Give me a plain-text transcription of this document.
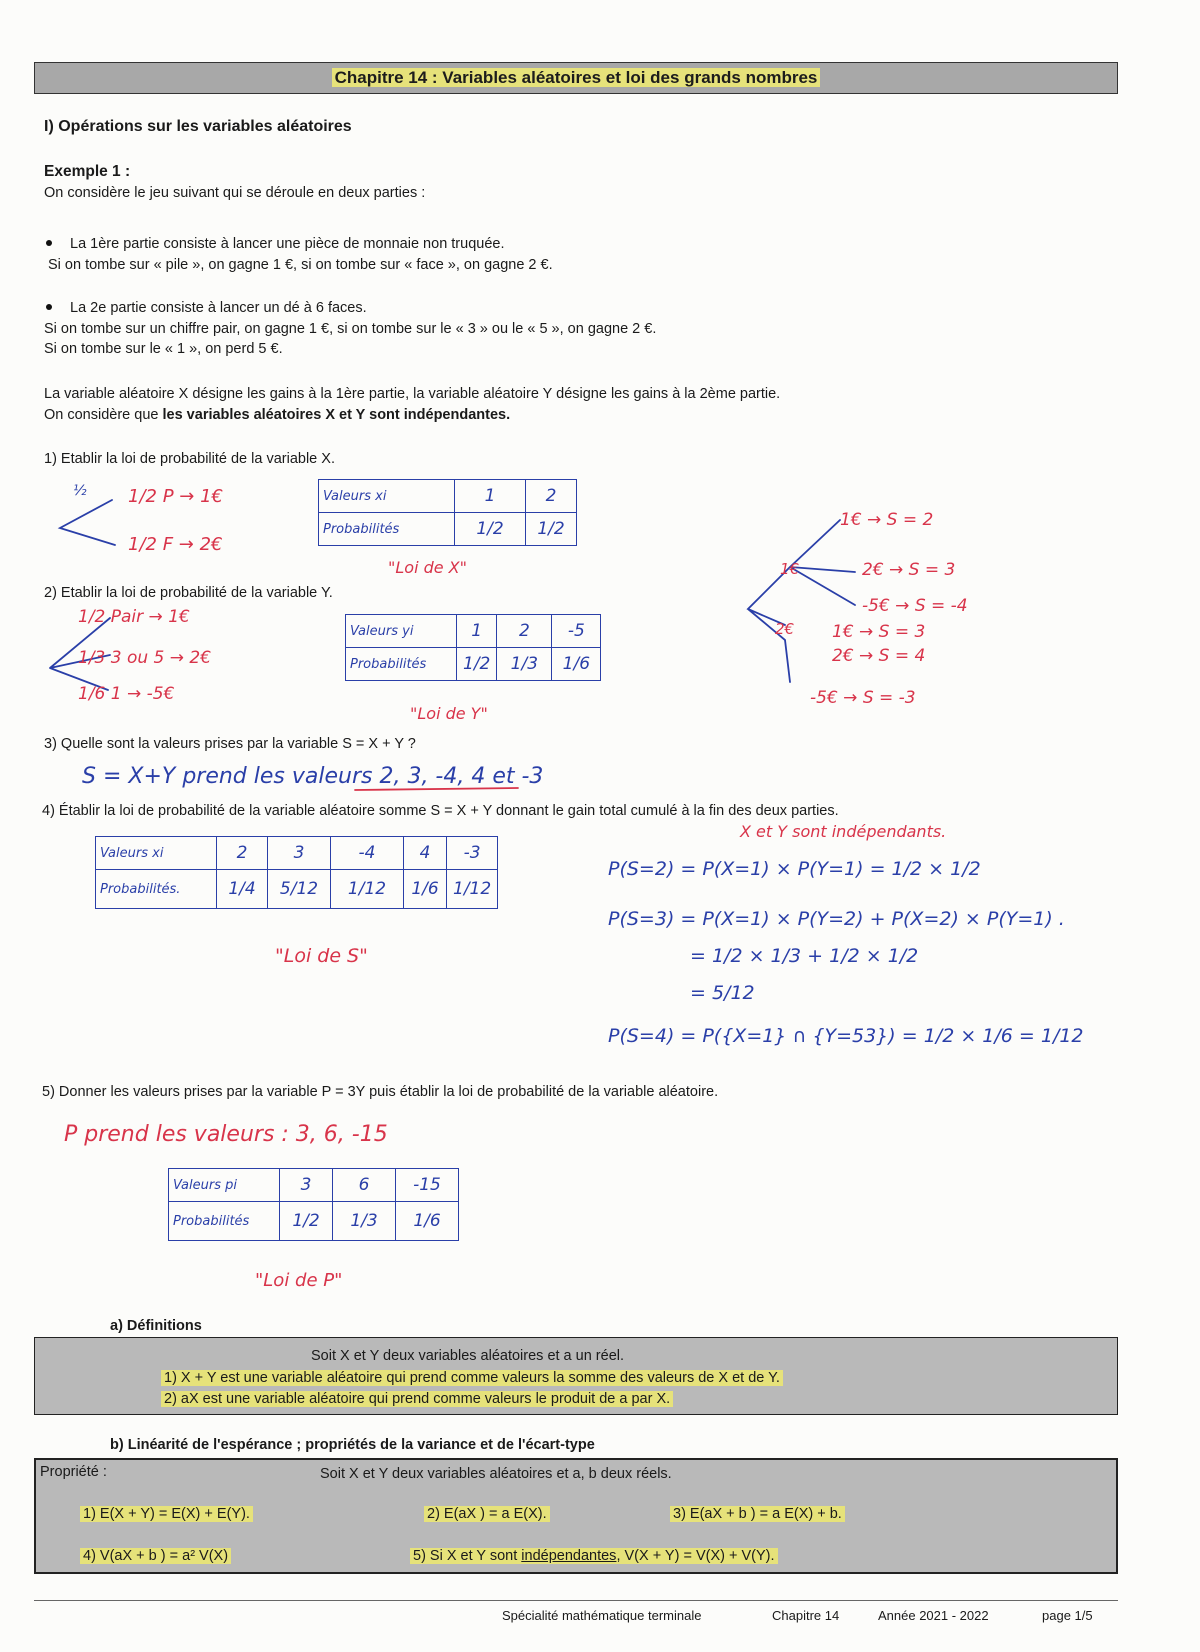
Chapitre 14 : Variables aléatoires et loi des grands nombres
I) Opérations sur les variables aléatoires
Exemple 1 :
On considère le jeu suivant qui se déroule en deux parties :
La 1ère partie consiste à lancer une pièce de monnaie non truquée.
Si on tombe sur « pile », on gagne 1 €, si on tombe sur « face », on gagne 2 €.
La 2e partie consiste à lancer un dé à 6 faces.
Si on tombe sur un chiffre pair, on gagne 1 €, si on tombe sur le « 3 » ou le « 5 », on gagne 2 €.
Si on tombe sur le « 1 », on perd 5 €.
La variable aléatoire X désigne les gains à la 1ère partie, la variable aléatoire Y désigne les gains à la 2ème partie.
On considère que les variables aléatoires X et Y sont indépendantes.
1) Etablir la loi de probabilité de la variable X.
½ 1/2 P → 1€
1/2 F → 2€
Valeurs xi	1	2
Probabilités	1/2	1/2
"Loi de X"
2) Etablir la loi de probabilité de la variable Y.
1/2 Pair → 1€
1/3 3 ou 5 → 2€
1/6 1 → -5€
Valeurs yi	1	2	-5
Probabilités	1/2	1/3	1/6
"Loi de Y"
1€
2€
1€ → S = 2
2€ → S = 3
-5€ → S = -4
1€ → S = 3
2€ → S = 4
-5€ → S = -3
3) Quelle sont la valeurs prises par la variable S = X + Y ?
S = X+Y prend les valeurs 2, 3, -4, 4 et -3
4) Établir la loi de probabilité de la variable aléatoire somme S = X + Y donnant le gain total cumulé à la fin des deux parties.
Valeurs xi	2	3	-4	4	-3
Probabilités.	1/4	5/12	1/12	1/6	1/12
"Loi de S"
X et Y sont indépendants.
P(S=2) = P(X=1) × P(Y=1) = 1/2 × 1/2
P(S=3) = P(X=1) × P(Y=2) + P(X=2) × P(Y=1) .
= 1/2 × 1/3 + 1/2 × 1/2
= 5/12
P(S=4) = P({X=1} ∩ {Y=53}) = 1/2 × 1/6 = 1/12
5) Donner les valeurs prises par la variable P = 3Y puis établir la loi de probabilité de la variable aléatoire.
P prend les valeurs : 3, 6, -15
Valeurs pi	3	6	-15
Probabilités	1/2	1/3	1/6
"Loi de P"
a) Définitions
Soit X et Y deux variables aléatoires et a un réel.
1) X + Y est une variable aléatoire qui prend comme valeurs la somme des valeurs de X et de Y.
2) aX est une variable aléatoire qui prend comme valeurs le produit de a par X.
b) Linéarité de l'espérance ; propriétés de la variance et de l'écart-type
Propriété :	Soit X et Y deux variables aléatoires et a, b deux réels.
1) E(X + Y) = E(X) + E(Y).	2) E(aX ) = a E(X).	3) E(aX + b ) = a E(X) + b.
4) V(aX + b ) = a² V(X)	5) Si X et Y sont indépendantes, V(X + Y) = V(X) + V(Y).
Spécialité mathématique terminale	Chapitre 14	Année 2021 - 2022	page 1/5
